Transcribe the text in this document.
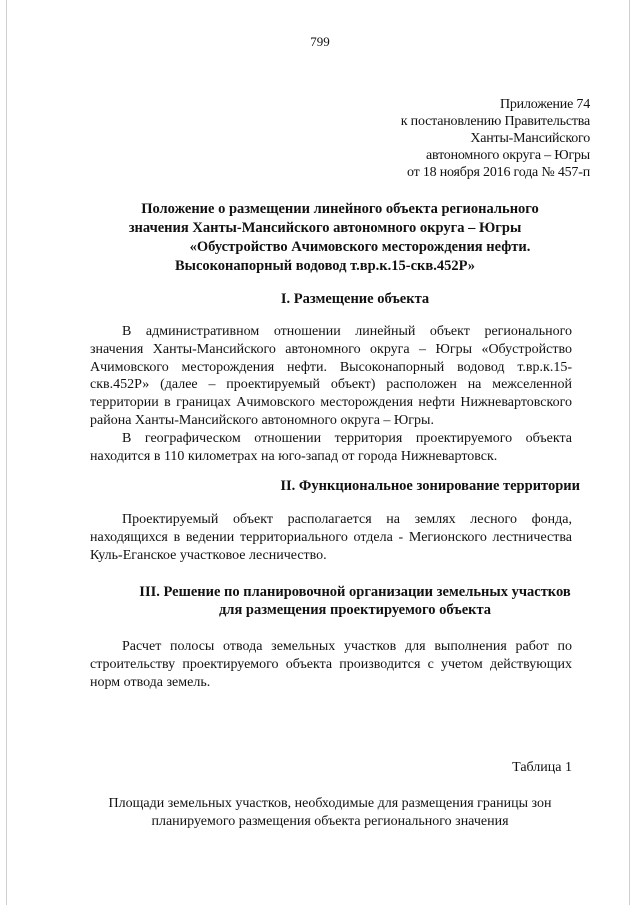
799
Приложение 74
к постановлению Правительства
Ханты-Мансийского
автономного округа – Югры
от 18 ноября 2016 года № 457-п
Положение о размещении линейного объекта регионального
значения Ханты-Мансийского автономного округа – Югры
«Обустройство Ачимовского месторождения нефти.
Высоконапорный водовод т.вр.к.15-скв.452Р»
I. Размещение объекта

В административном отношении линейный объект регионального значения Ханты-Мансийского автономного округа – Югры «Обустройство Ачимовского месторождения нефти. Высоконапорный водовод т.вр.к.15-скв.452Р» (далее – проектируемый объект) расположен на межселенной территории в границах Ачимовского месторождения нефти Нижневартовского района Ханты-Мансийского автономного округа – Югры.

В географическом отношении территория проектируемого объекта находится в 110 километрах на юго-запад от города Нижневартовск.

II. Функциональное зонирование территории

Проектируемый объект располагается на землях лесного фонда, находящихся в ведении территориального отдела - Мегионского лестничества Куль-Еганское участковое лесничество.

III. Решение по планировочной организации земельных участков
для размещения проектируемого объекта

Расчет полосы отвода земельных участков для выполнения работ по строительству проектируемого объекта производится с учетом действующих норм отвода земель.

Таблица 1
Площади земельных участков, необходимые для размещения границы зон
планируемого размещения объекта регионального значения
